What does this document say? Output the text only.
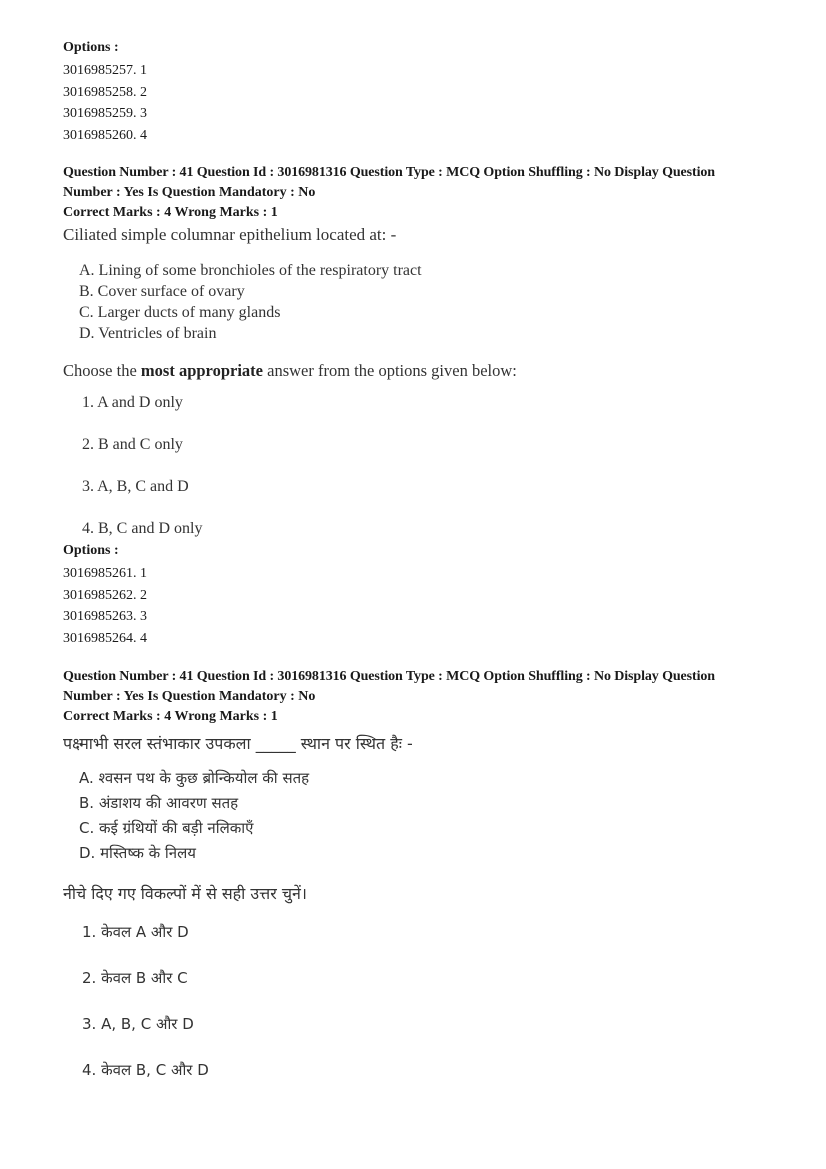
Options :
3016985257. 1
3016985258. 2
3016985259. 3
3016985260. 4
Question Number : 41 Question Id : 3016981316 Question Type : MCQ Option Shuffling : No Display Question
Number : Yes Is Question Mandatory : No
Correct Marks : 4 Wrong Marks : 1
Ciliated simple columnar epithelium located at: -
A. Lining of some bronchioles of the respiratory tract
B. Cover surface of ovary
C. Larger ducts of many glands
D. Ventricles of brain
Choose the most appropriate answer from the options given below:
1. A and D only
2. B and C only
3. A, B, C and D
4. B, C and D only
Options :
3016985261. 1
3016985262. 2
3016985263. 3
3016985264. 4
Question Number : 41 Question Id : 3016981316 Question Type : MCQ Option Shuffling : No Display Question
Number : Yes Is Question Mandatory : No
Correct Marks : 4 Wrong Marks : 1
पक्ष्माभी सरल स्तंभाकार उपकला _____ स्थान पर स्थित हैः -
A. श्वसन पथ के कुछ ब्रोन्कियोल की सतह
B. अंडाशय की आवरण सतह
C. कई ग्रंथियों की बड़ी नलिकाएँ
D. मस्तिष्क के निलय
नीचे दिए गए विकल्पों में से सही उत्तर चुनें।
1. केवल A और D
2. केवल B और C
3. A, B, C और D
4. केवल B, C और D
